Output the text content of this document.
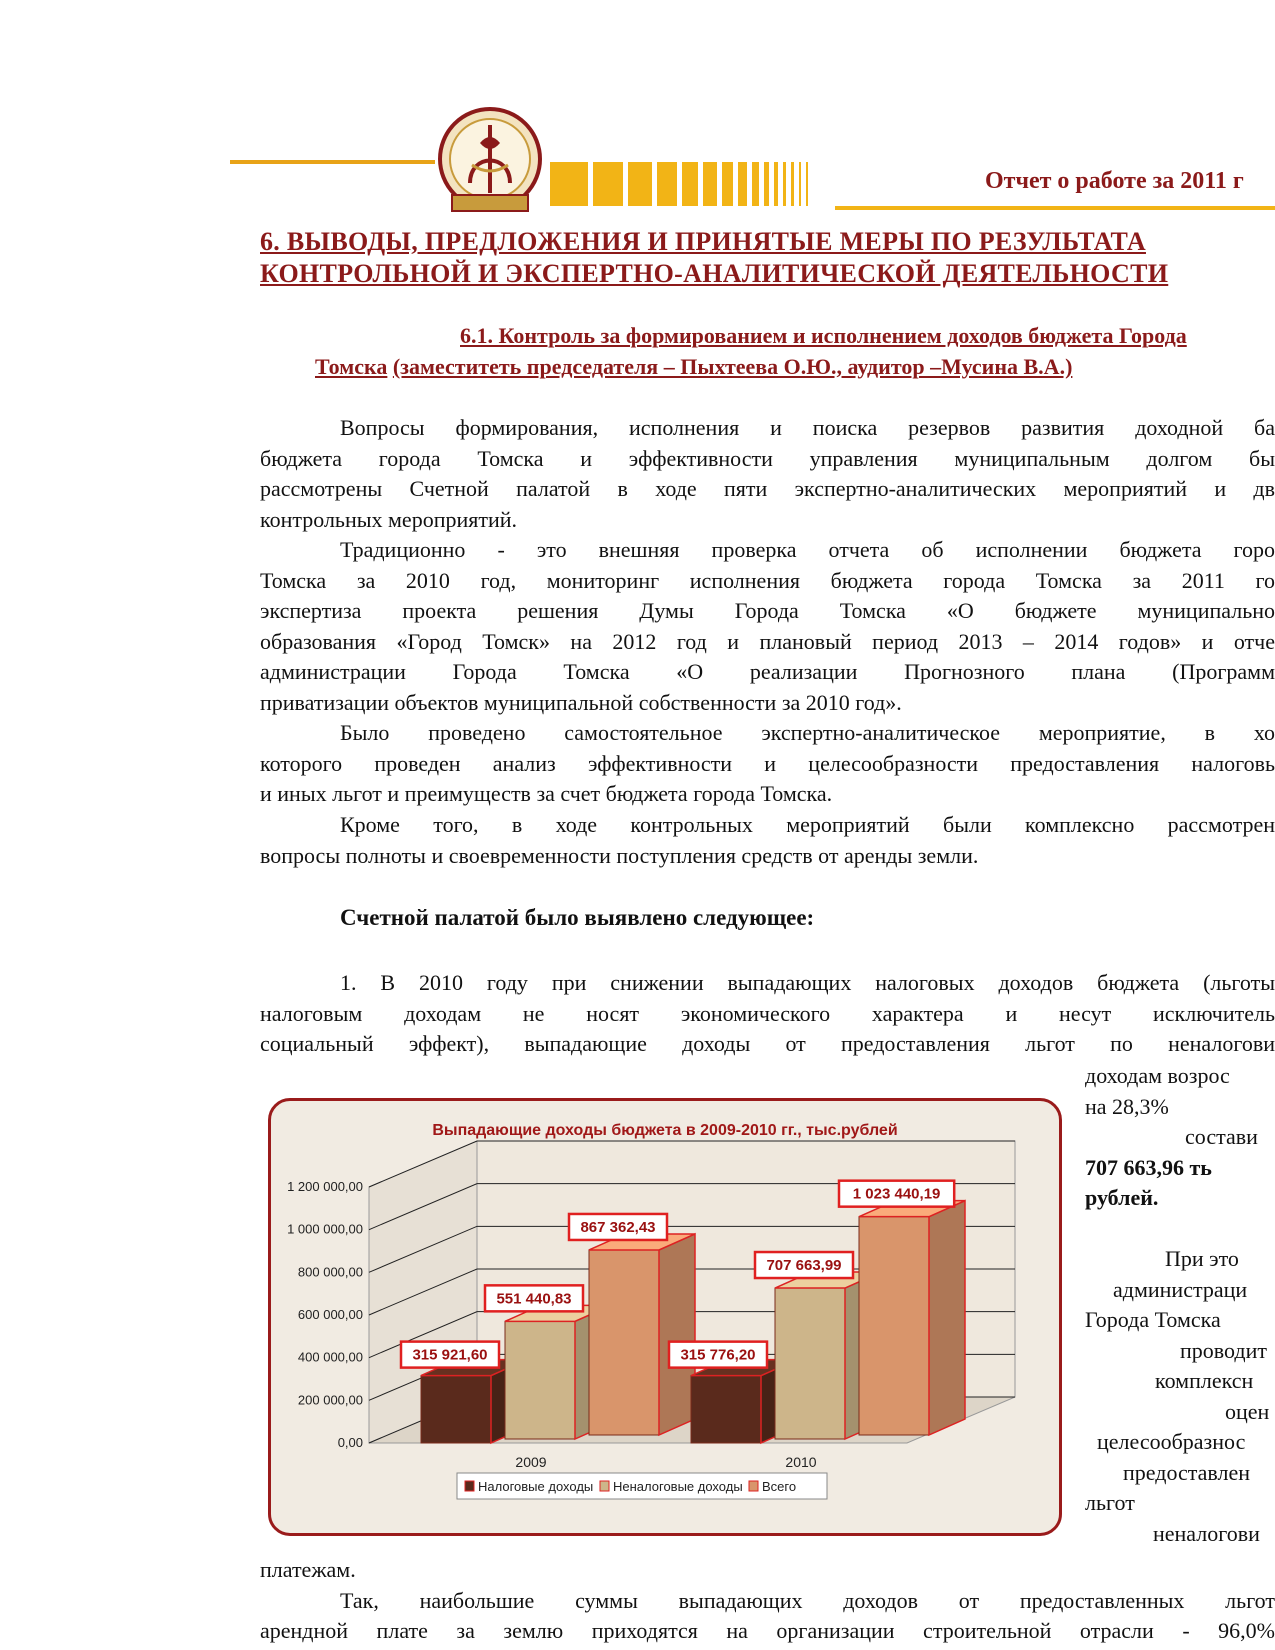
Отчет о работе за 2011 г
6. ВЫВОДЫ, ПРЕДЛОЖЕНИЯ И ПРИНЯТЫЕ МЕРЫ ПО РЕЗУЛЬТАТА
КОНТРОЛЬНОЙ И ЭКСПЕРТНО-АНАЛИТИЧЕСКОЙ ДЕЯТЕЛЬНОСТИ
6.1. Контроль за формированием и исполнением доходов бюджета Города
Томска (заместитеть председателя – Пыхтеева О.Ю., аудитор –Мусина В.А.)
Вопросы формирования, исполнения и поиска резервов развития доходной ба
бюджета города Томска и эффективности управления муниципальным долгом бы
рассмотрены Счетной палатой в ходе пяти экспертно-аналитических мероприятий и дв
контрольных мероприятий.
Традиционно - это внешняя проверка отчета об исполнении бюджета горо
Томска за 2010 год, мониторинг исполнения бюджета города Томска за 2011 го
экспертиза проекта решения Думы Города Томска «О бюджете муниципально
образования «Город Томск» на 2012 год и плановый период 2013 – 2014 годов» и отче
администрации Города Томска «О реализации Прогнозного плана (Программ
приватизации объектов муниципальной собственности за 2010 год».
Было проведено самостоятельное экспертно-аналитическое мероприятие, в хо
которого проведен анализ эффективности и целесообразности предоставления налоговь
и иных льгот и преимуществ за счет бюджета города Томска.
Кроме того, в ходе контрольных мероприятий были комплексно рассмотрен
вопросы полноты и своевременности поступления средств от аренды земли.
Счетной палатой было выявлено следующее:
1. В 2010 году при снижении выпадающих налоговых доходов бюджета (льготы
налоговым доходам не носят экономического характера и несут исключитель
социальный эффект), выпадающие доходы от предоставления льгот по неналогови
доходам возрос
на 28,3%
состави
707 663,96 ть
рублей.
При это
администраци
Города Томска
проводит
комплексн
оцен
целесообразнос
предоставлен
льгот
неналогови
Выпадающие доходы бюджета в 2009-2010 гг., тыс.рублей
0,00
200 000,00
400 000,00
600 000,00
800 000,00
1 000 000,00
1 200 000,00
315 921,60
551 440,83
867 362,43
2009
315 776,20
707 663,99
1 023 440,19
2010
Налоговые доходы Неналоговые доходы Всего
платежам.
Так, наибольшие суммы выпадающих доходов от предоставленных льгот
арендной плате за землю приходятся на организации строительной отрасли - 96,0%
